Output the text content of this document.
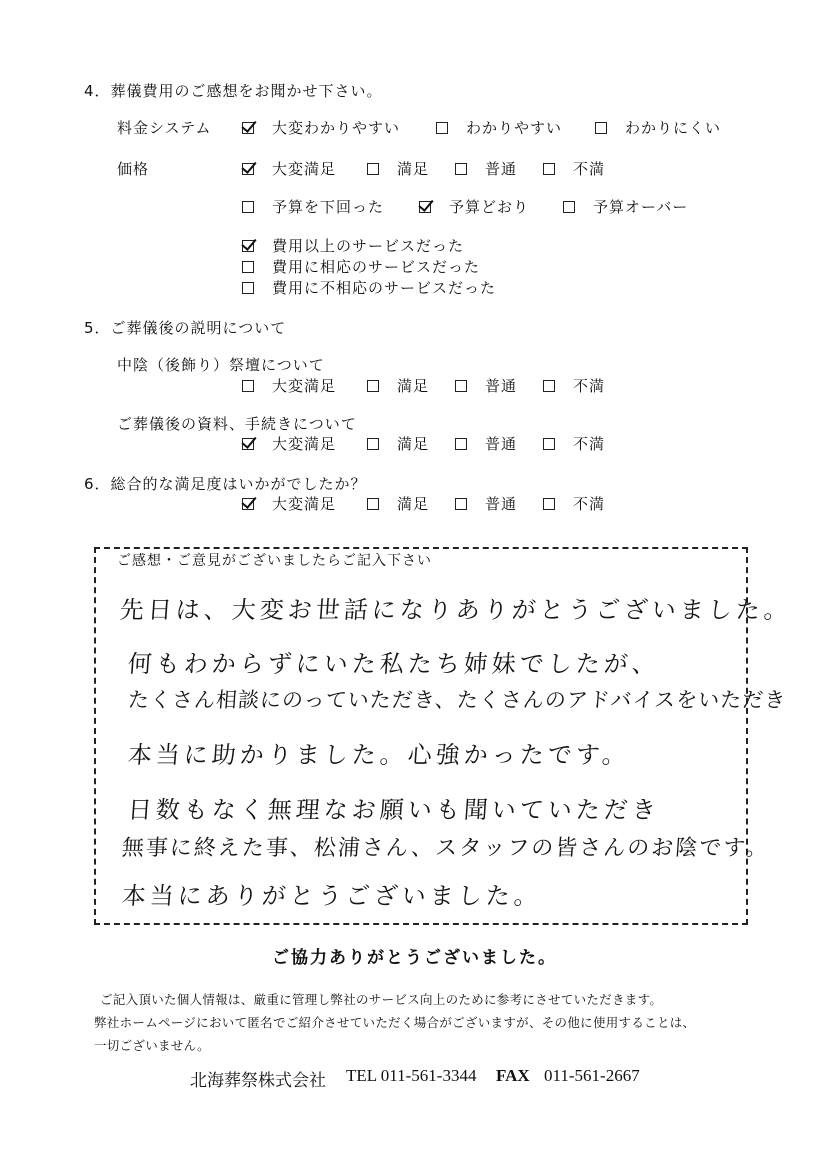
4．葬儀費用のご感想をお聞かせ下さい。
料金システム	大変わかりやすい	わかりやすい	わかりにくい
価格	大変満足	満足	普通	不満
予算を下回った	予算どおり	予算オーバー
費用以上のサービスだった
費用に相応のサービスだった
費用に不相応のサービスだった
5．ご葬儀後の説明について
中陰（後飾り）祭壇について
大変満足	満足	普通	不満
ご葬儀後の資料、手続きについて
大変満足	満足	普通	不満
6．総合的な満足度はいかがでしたか？
大変満足	満足	普通	不満
ご感想・ご意見がございましたらご記入下さい
先日は、大変お世話になりありがとうございました。
何もわからずにいた私たち姉妹でしたが、
たくさん相談にのっていただき、たくさんのアドバイスをいただき
本当に助かりました。心強かったです。
日数もなく無理なお願いも聞いていただき
無事に終えた事、松浦さん、スタッフの皆さんのお陰です。
本当にありがとうございました。
ご協力ありがとうございました。
ご記入頂いた個人情報は、厳重に管理し弊社のサービス向上のために参考にさせていただきます。
弊社ホームページにおいて匿名でご紹介させていただく場合がございますが、その他に使用することは、
一切ございません。
北海葬祭株式会社 TEL 011-561-3344 FAX 011-561-2667
